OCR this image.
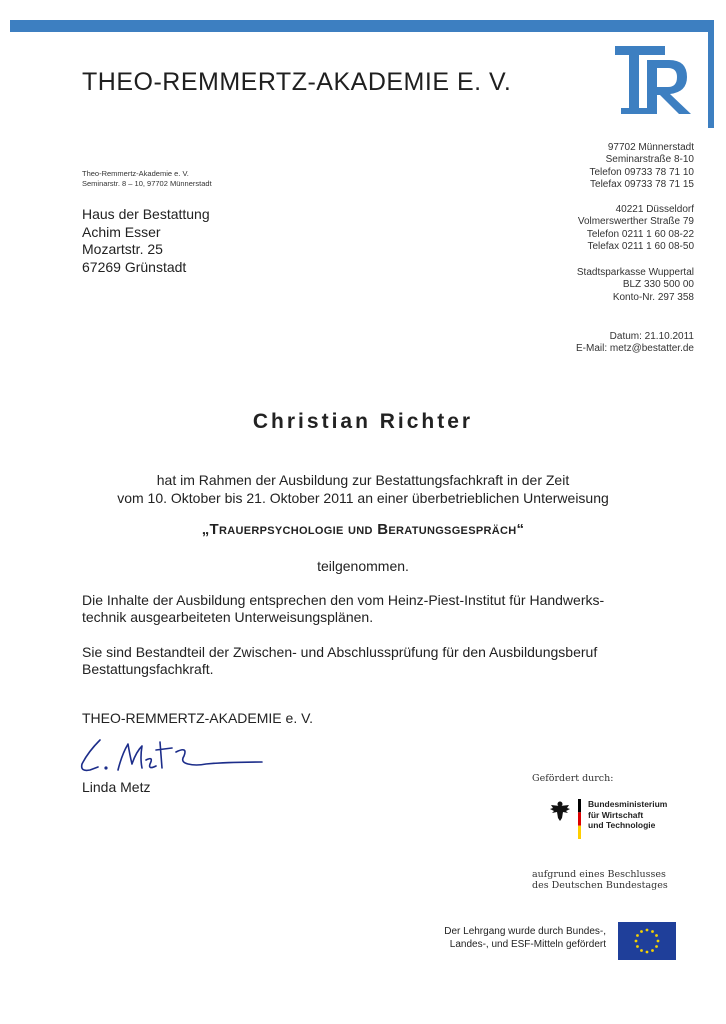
THEO-REMMERTZ-AKADEMIE E. V.
Theo-Remmertz-Akademie e. V.
Seminarstr. 8 – 10, 97702 Münnerstadt
Haus der Bestattung
Achim Esser
Mozartstr. 25
67269 Grünstadt
97702 Münnerstadt
Seminarstraße 8-10
Telefon 09733 78 71 10
Telefax 09733 78 71 15
40221 Düsseldorf
Volmerswerther Straße 79
Telefon 0211 1 60 08-22
Telefax 0211 1 60 08-50
Stadtsparkasse Wuppertal
BLZ 330 500 00
Konto-Nr. 297 358
Datum: 21.10.2011
E-Mail: metz@bestatter.de
Christian Richter
hat im Rahmen der Ausbildung zur Bestattungsfachkraft in der Zeit
vom 10. Oktober bis 21. Oktober 2011 an einer überbetrieblichen Unterweisung
„Trauerpsychologie und Beratungsgespräch“
teilgenommen.
Die Inhalte der Ausbildung entsprechen den vom Heinz-Piest-Institut für Handwerks-
technik ausgearbeiteten Unterweisungsplänen.
Sie sind Bestandteil der Zwischen- und Abschlussprüfung für den Ausbildungsberuf
Bestattungsfachkraft.
THEO-REMMERTZ-AKADEMIE e. V.
Linda Metz
Gefördert durch:
Bundesministerium
für Wirtschaft
und Technologie
aufgrund eines Beschlusses
des Deutschen Bundestages
Der Lehrgang wurde durch Bundes-,
Landes-, und ESF-Mitteln gefördert
